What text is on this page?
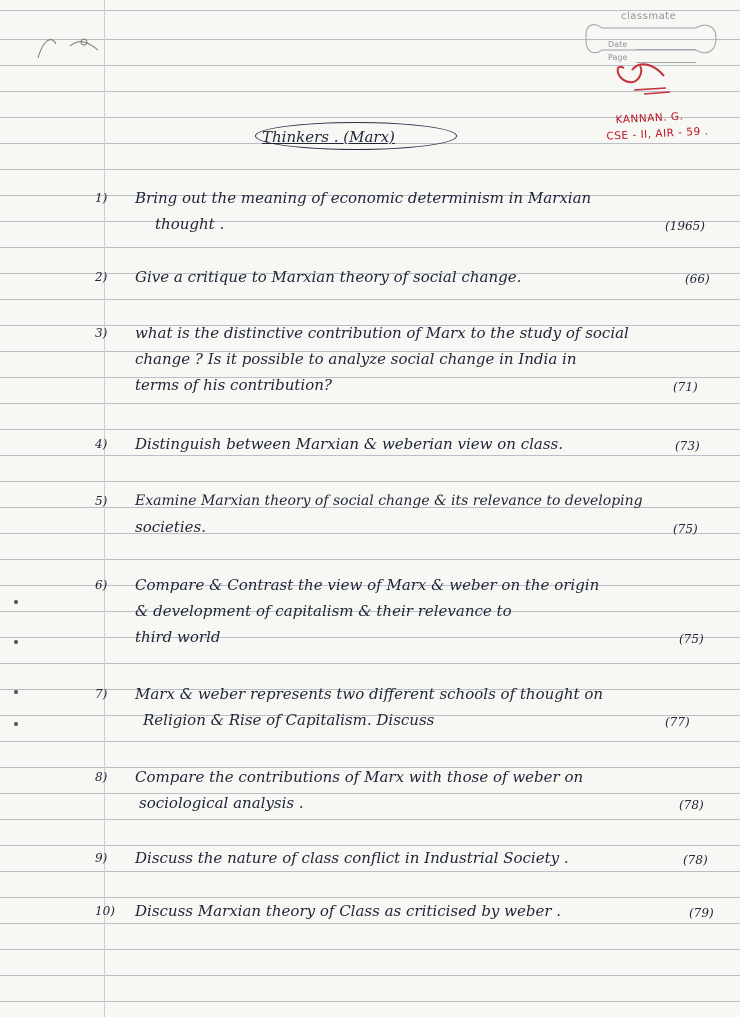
classmate
Date
Page
KANNAN. G.
CSE - II, AIR - 59 .
Thinkers . (Marx)
1) Bring out the meaning of economic determinism in Marxian
thought .	(1965)
2) Give a critique to Marxian theory of social change.	(66)
3) what is the distinctive contribution of Marx to the study of social
change ? Is it possible to analyze social change in India in
terms of his contribution?	(71)
4) Distinguish between Marxian & weberian view on class.	(73)
5) Examine Marxian theory of social change & its relevance to developing
societies.	(75)
6) Compare & Contrast the view of Marx & weber on the origin
& development of capitalism & their relevance to
third world	(75)
7) Marx & weber represents two different schools of thought on
Religion & Rise of Capitalism. Discuss	(77)
8) Compare the contributions of Marx with those of weber on
sociological analysis .	(78)
9) Discuss the nature of class conflict in Industrial Society .	(78)
10) Discuss Marxian theory of Class as criticised by weber .	(79)
